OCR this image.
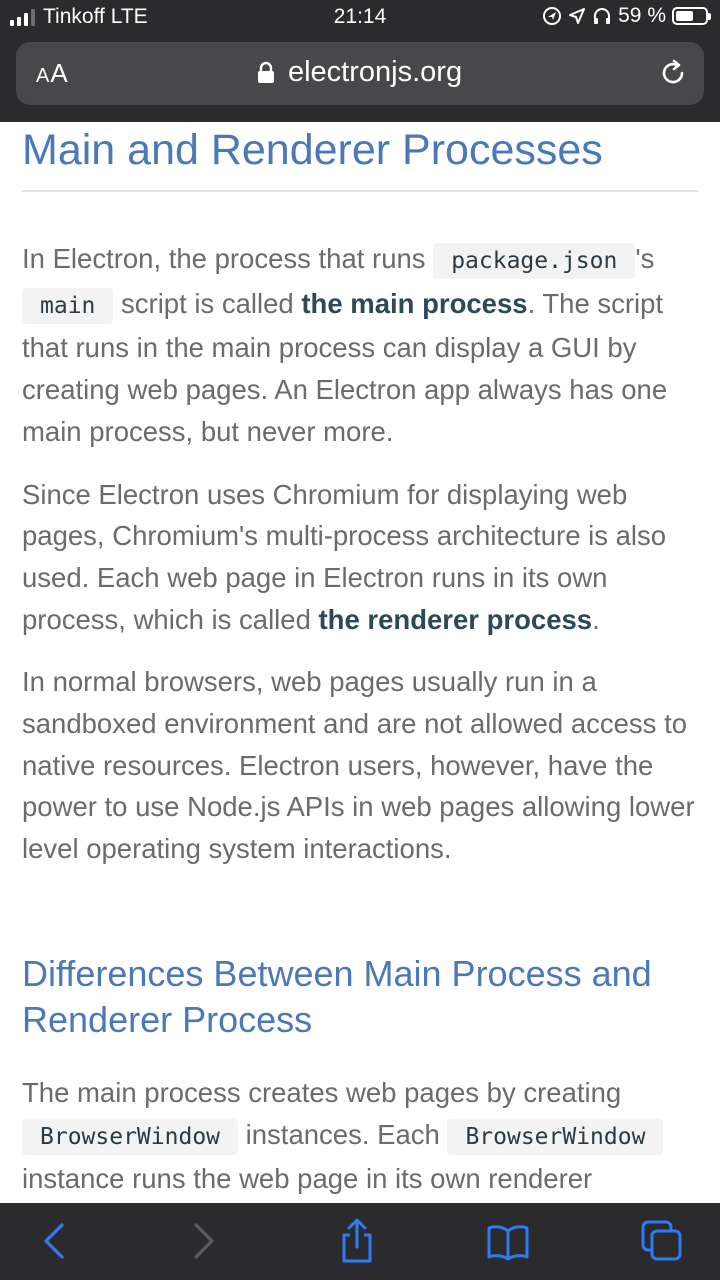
Tinkoff LTE	21:14	59 %
AA	electronjs.org
Main and Renderer Processes

In Electron, the process that runs package.json 's
main script is called the main process. The script that runs in the main process can display a GUI by creating web pages. An Electron app always has one main process, but never more.

Since Electron uses Chromium for displaying web pages, Chromium's multi-process architecture is also used. Each web page in Electron runs in its own process, which is called the renderer process.

In normal browsers, web pages usually run in a sandboxed environment and are not allowed access to native resources. Electron users, however, have the power to use Node.js APIs in web pages allowing lower level operating system interactions.

Differences Between Main Process and Renderer Process

The main process creates web pages by creating
BrowserWindow instances. Each BrowserWindow
instance runs the web page in its own renderer
